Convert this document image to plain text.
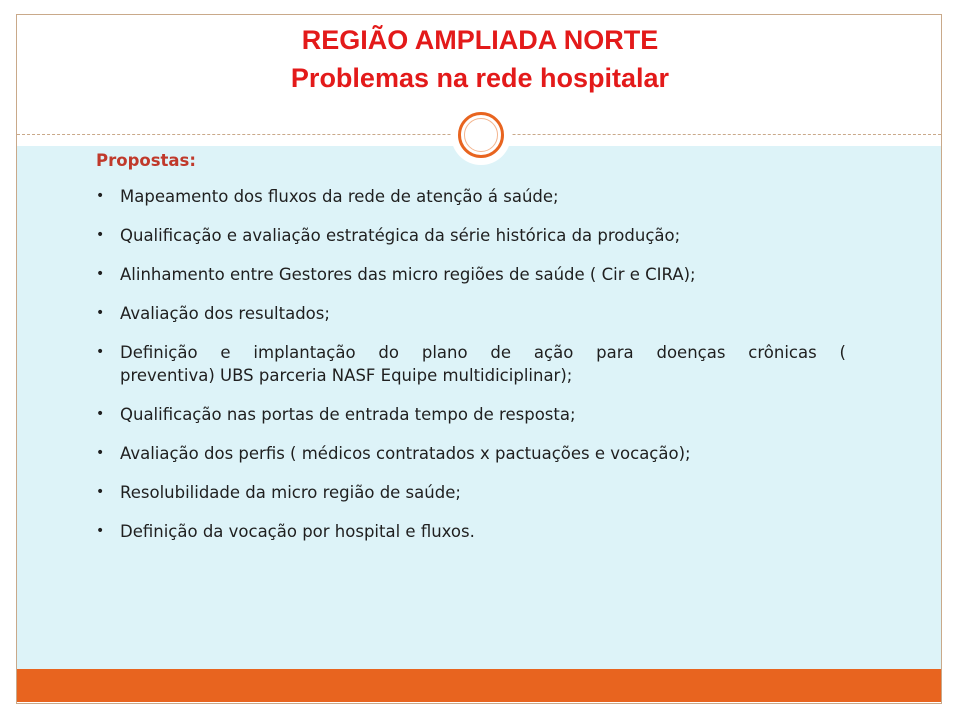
REGIÃO AMPLIADA NORTE
Problemas na rede hospitalar
Propostas:
• Mapeamento dos fluxos da rede de atenção á saúde;
• Qualificação e avaliação estratégica da série histórica da produção;
• Alinhamento entre Gestores das micro regiões de saúde ( Cir e CIRA);
• Avaliação dos resultados;
• Definição e implantação do plano de ação para doenças crônicas (
preventiva) UBS parceria NASF Equipe multidiciplinar);
• Qualificação nas portas de entrada tempo de resposta;
• Avaliação dos perfis ( médicos contratados x pactuações e vocação);
• Resolubilidade da micro região de saúde;
• Definição da vocação por hospital e fluxos.
